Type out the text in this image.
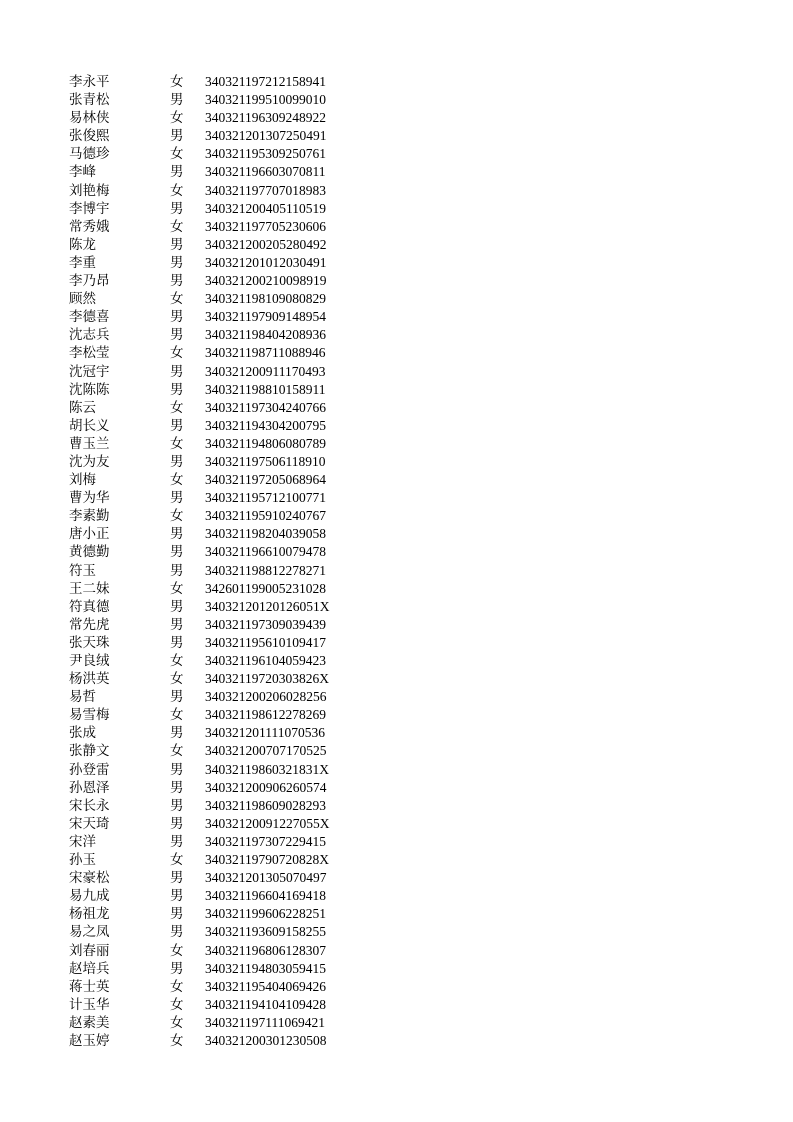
李永平	女	340321197212158941
张青松	男	340321199510099010
易林侠	女	340321196309248922
张俊熙	男	340321201307250491
马德珍	女	340321195309250761
李峰	男	340321196603070811
刘艳梅	女	340321197707018983
李博宇	男	340321200405110519
常秀娥	女	340321197705230606
陈龙	男	340321200205280492
李重	男	340321201012030491
李乃昂	男	340321200210098919
顾然	女	340321198109080829
李德喜	男	340321197909148954
沈志兵	男	340321198404208936
李松莹	女	340321198711088946
沈冠宇	男	340321200911170493
沈陈陈	男	340321198810158911
陈云	女	340321197304240766
胡长义	男	340321194304200795
曹玉兰	女	340321194806080789
沈为友	男	340321197506118910
刘梅	女	340321197205068964
曹为华	男	340321195712100771
李素勤	女	340321195910240767
唐小正	男	340321198204039058
黄德勤	男	340321196610079478
符玉	男	340321198812278271
王二妹	女	342601199005231028
符真德	男	34032120120126051X
常先虎	男	340321197309039439
张天珠	男	340321195610109417
尹良绒	女	340321196104059423
杨洪英	女	34032119720303826X
易哲	男	340321200206028256
易雪梅	女	340321198612278269
张成	男	340321201111070536
张静文	女	340321200707170525
孙登雷	男	34032119860321831X
孙恩泽	男	340321200906260574
宋长永	男	340321198609028293
宋天琦	男	34032120091227055X
宋洋	男	340321197307229415
孙玉	女	34032119790720828X
宋豪松	男	340321201305070497
易九成	男	340321196604169418
杨祖龙	男	340321199606228251
易之凤	男	340321193609158255
刘春丽	女	340321196806128307
赵培兵	男	340321194803059415
蒋士英	女	340321195404069426
计玉华	女	340321194104109428
赵素美	女	340321197111069421
赵玉婷	女	340321200301230508
